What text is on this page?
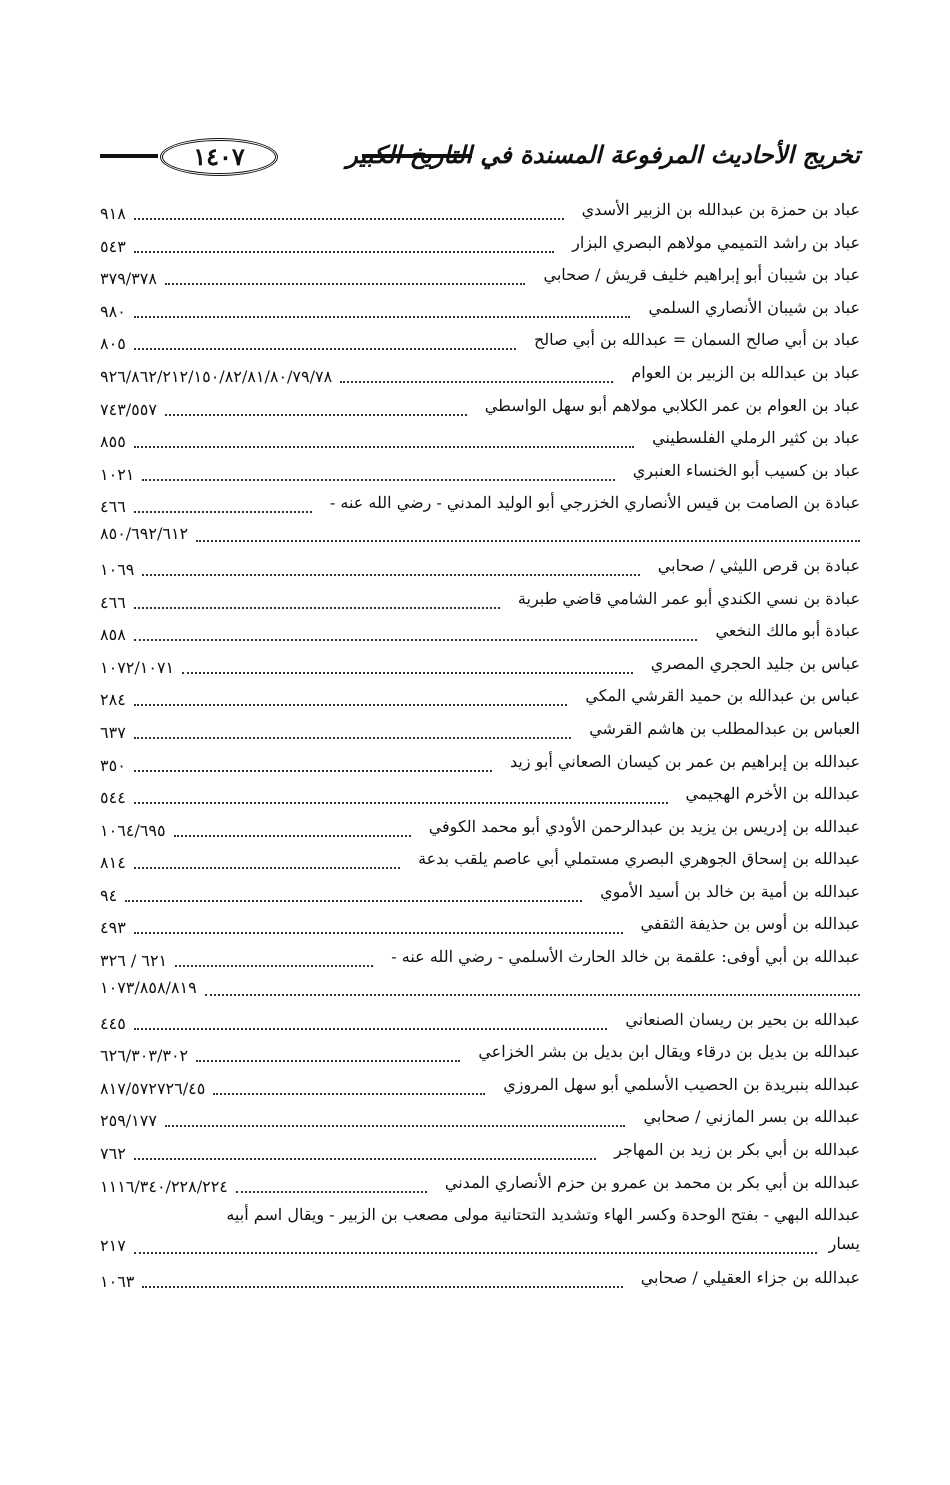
تخريج الأحاديث المرفوعة المسندة في التاريخ الكبير
١٤٠٧
عباد بن حمزة بن عبدالله بن الزبير الأسدي
٩١٨
عباد بن راشد التميمي مولاهم البصري البزار
٥٤٣
عباد بن شيبان أبو إبراهيم خليف قريش / صحابي
٣٧٩/٣٧٨
عباد بن شيبان الأنصاري السلمي
٩٨٠
عباد بن أبي صالح السمان = عبدالله بن أبي صالح
٨٠٥
عباد بن عبدالله بن الزبير بن العوام
٩٢٦/٨٦٢/٢١٢/١٥٠/٨٢/٨١/٨٠/٧٩/٧٨
عباد بن العوام بن عمر الكلابي مولاهم أبو سهل الواسطي
٧٤٣/٥٥٧
عباد بن كثير الرملي الفلسطيني
٨٥٥
عباد بن كسيب أبو الخنساء العنبري
١٠٢١
عبادة بن الصامت بن قيس الأنصاري الخزرجي أبو الوليد المدني - رضي الله عنه -
٤٦٦
٨٥٠/٦٩٢/٦١٢
عبادة بن قرص الليثي / صحابي
١٠٦٩
عبادة بن نسي الكندي أبو عمر الشامي قاضي طبرية
٤٦٦
عبادة أبو مالك النخعي
٨٥٨
عباس بن جليد الحجري المصري
١٠٧٢/١٠٧١
عباس بن عبدالله بن حميد القرشي المكي
٢٨٤
العباس بن عبدالمطلب بن هاشم القرشي
٦٣٧
عبدالله بن إبراهيم بن عمر بن كيسان الصعاني أبو زيد
٣٥٠
عبدالله بن الأخرم الهجيمي
٥٤٤
عبدالله بن إدريس بن يزيد بن عبدالرحمن الأودي أبو محمد الكوفي
١٠٦٤/٦٩٥
عبدالله بن إسحاق الجوهري البصري مستملي أبي عاصم يلقب بدعة
٨١٤
عبدالله بن أمية بن خالد بن أسيد الأموي
٩٤
عبدالله بن أوس بن حذيفة الثقفي
٤٩٣
عبدالله بن أبي أوفى: علقمة بن خالد الحارث الأسلمي - رضي الله عنه -
٦٢١ / ٣٢٦
١٠٧٣/٨٥٨/٨١٩
عبدالله بن بحير بن ريسان الصنعاني
٤٤٥
عبدالله بن بديل بن درقاء ويقال ابن بديل بن بشر الخزاعي
٦٢٦/٣٠٣/٣٠٢
عبدالله بنبريدة بن الحصيب الأسلمي أبو سهل المروزي
٨١٧/٥٧٢٧٢٦/٤٥
عبدالله بن بسر المازني / صحابي
٢٥٩/١٧٧
عبدالله بن أبي بكر بن زيد بن المهاجر
٧٦٢
عبدالله بن أبي بكر بن محمد بن عمرو بن حزم الأنصاري المدني
١١١٦/٣٤٠/٢٢٨/٢٢٤
عبدالله البهي - بفتح الوحدة وكسر الهاء وتشديد التحتانية مولى مصعب بن الزبير - ويقال اسم أبيه
٢١٧	يسار
عبدالله بن جزاء العقيلي / صحابي
١٠٦٣
